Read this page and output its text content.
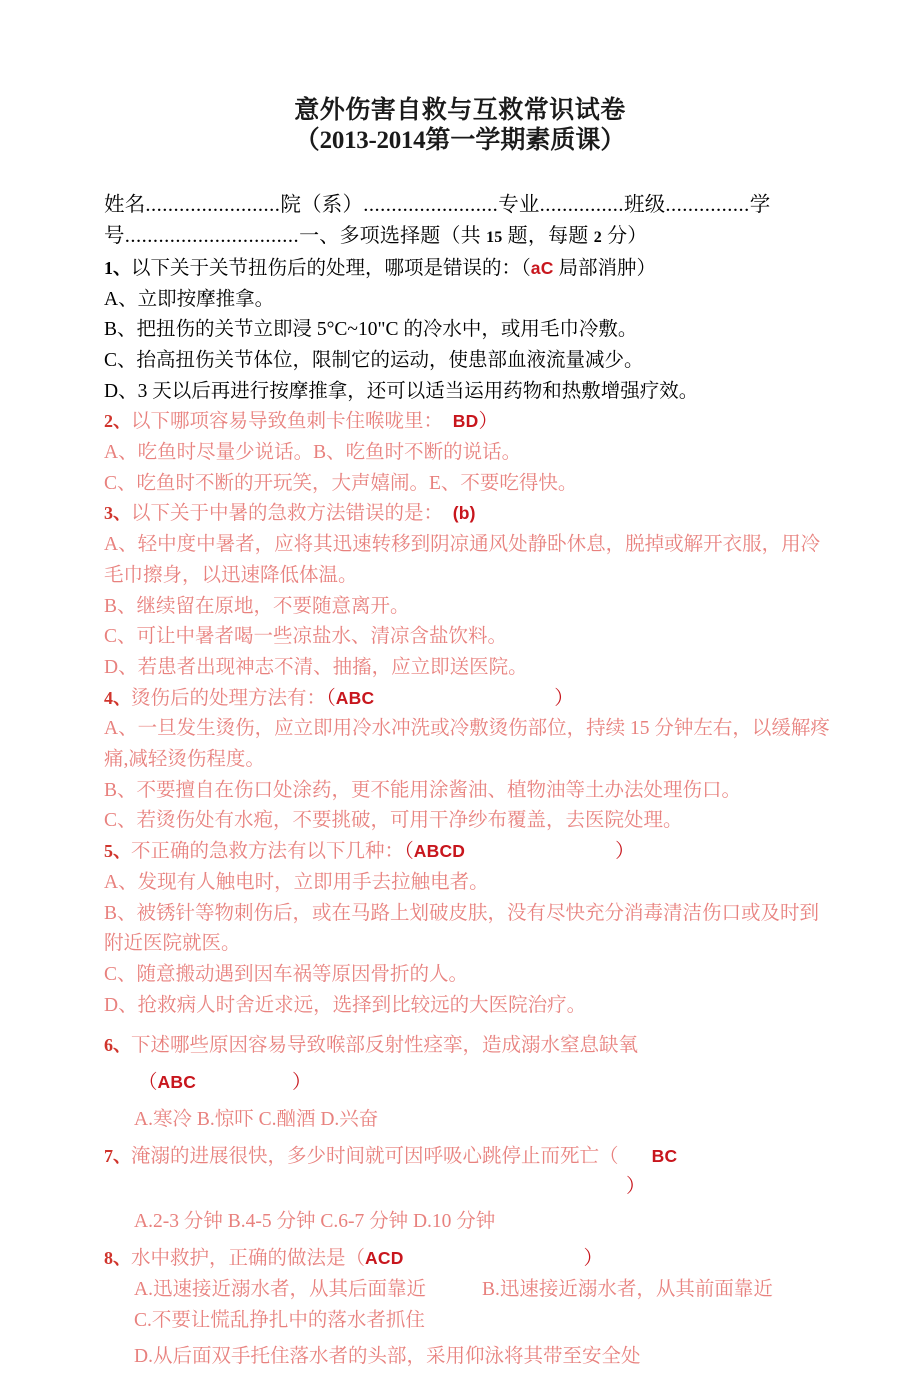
意外伤害自救与互救常识试卷
（2013-2014第一学期素质课）
姓名........................院（系）........................专业...............班级...............学号...............................一、多项选择题（共 15 题，每题 2 分）
1、以下关于关节扭伤后的处理，哪项是错误的：（aC 局部消肿）
A、立即按摩推拿。
B、把扭伤的关节立即浸 5°C~10"C 的冷水中，或用毛巾冷敷。
C、抬高扭伤关节体位，限制它的运动，使患部血液流量减少。
D、3 天以后再进行按摩推拿，还可以适当运用药物和热敷增强疗效。
2、以下哪项容易导致鱼刺卡住喉咙里： BD）
A、吃鱼时尽量少说话。B、吃鱼时不断的说话。
C、吃鱼时不断的开玩笑，大声嬉闹。E、不要吃得快。
3、以下关于中暑的急救方法错误的是： (b)
A、轻中度中暑者，应将其迅速转移到阴凉通风处静卧休息，脱掉或解开衣服，用冷毛巾擦身，以迅速降低体温。
B、继续留在原地，不要随意离开。
C、可让中暑者喝一些凉盐水、清凉含盐饮料。
D、若患者出现神志不清、抽搐，应立即送医院。
4、烫伤后的处理方法有：（ABC	）
A、一旦发生烫伤，应立即用冷水冲洗或冷敷烫伤部位，持续 15 分钟左右，以缓解疼痛,减轻烫伤程度。
B、不要擅自在伤口处涂药，更不能用涂酱油、植物油等土办法处理伤口。
C、若烫伤处有水疱，不要挑破，可用干净纱布覆盖，去医院处理。
5、不正确的急救方法有以下几种：（ABCD	）
A、发现有人触电时，立即用手去拉触电者。
B、被锈针等物刺伤后，或在马路上划破皮肤，没有尽快充分消毒清洁伤口或及时到附近医院就医。
C、随意搬动遇到因车祸等原因骨折的人。
D、抢救病人时舍近求远，选择到比较远的大医院治疗。
6、下述哪些原因容易导致喉部反射性痉挛，造成溺水窒息缺氧
（ABC	）
A.寒冷 B.惊吓 C.酗酒 D.兴奋
7、淹溺的进展很快，多少时间就可因呼吸心跳停止而死亡（ BC
）
A.2-3 分钟 B.4-5 分钟 C.6-7 分钟 D.10 分钟
8、水中救护，正确的做法是（ACD	）
A.迅速接近溺水者，从其后面靠近	B.迅速接近溺水者，从其前面靠近
C.不要让慌乱挣扎中的落水者抓住
D.从后面双手托住落水者的头部，采用仰泳将其带至安全处
